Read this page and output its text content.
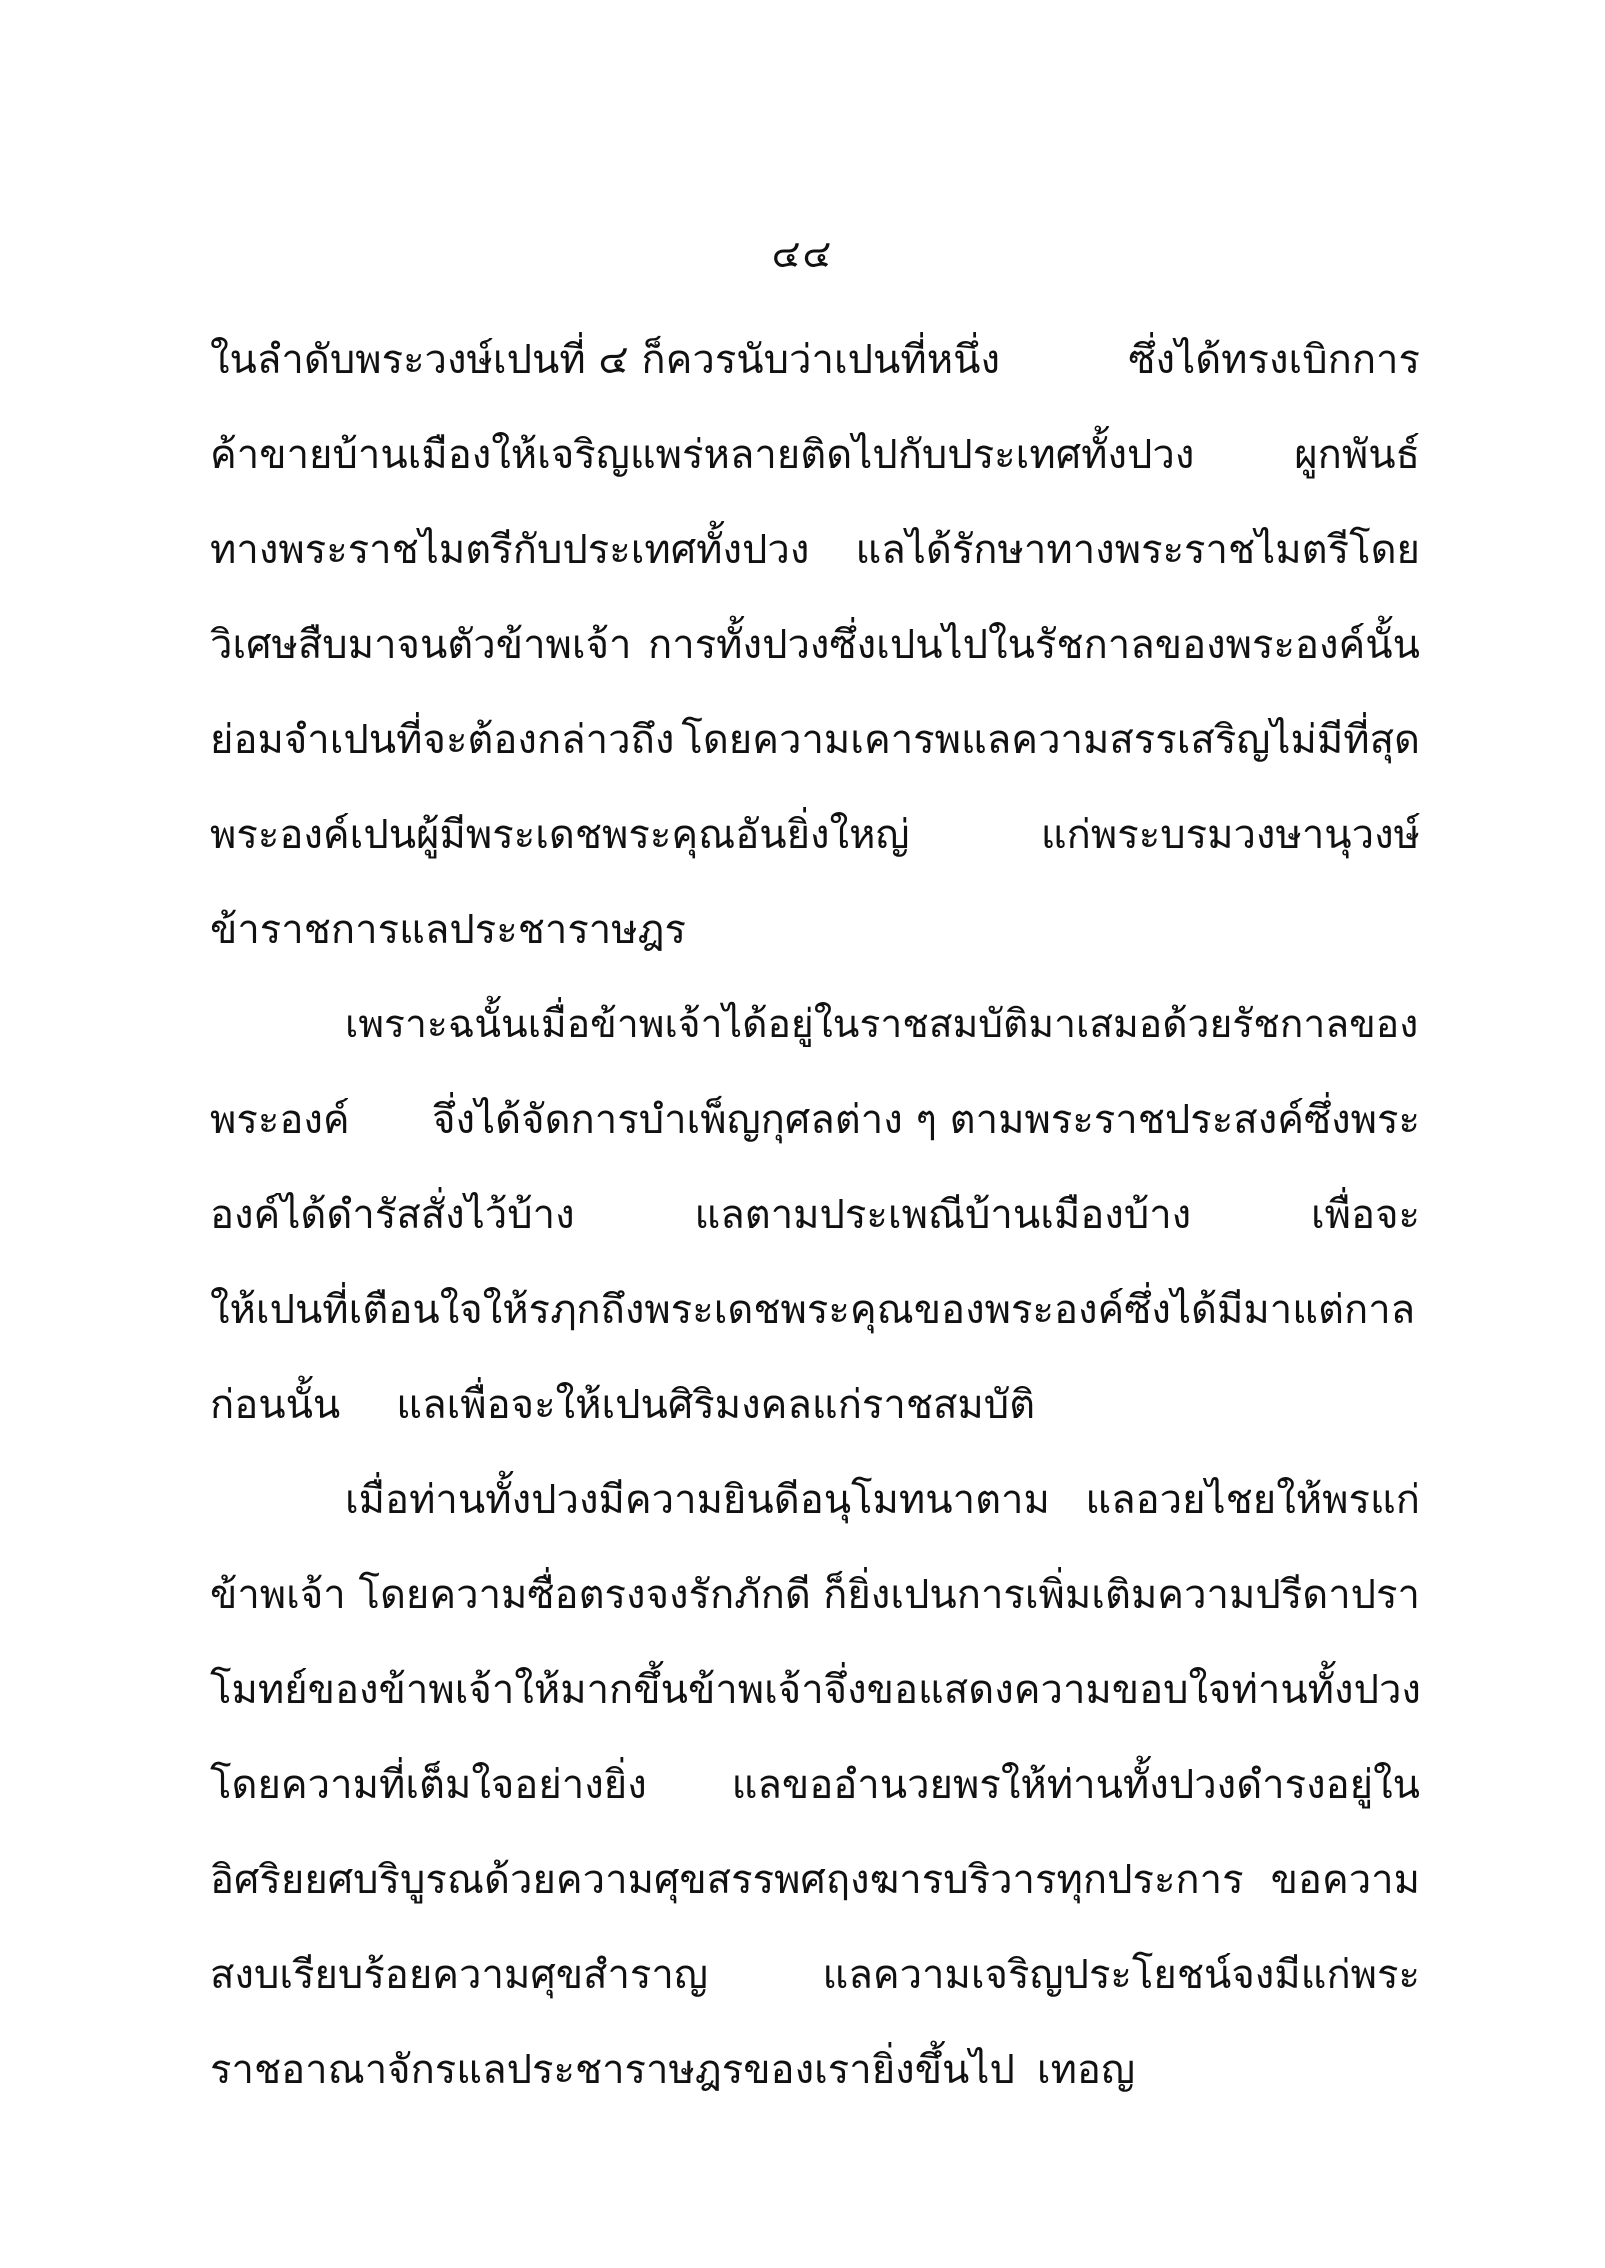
๔๔
ในลำดับพระวงษ์เปนที่ ๔ ก็ควรนับว่าเปนที่หนึ่ง	ซึ่งได้ทรงเบิกการ
ค้าขายบ้านเมืองให้เจริญแพร่หลายติดไปกับประเทศทั้งปวง ผูกพันธ์
ทางพระราชไมตรีกับประเทศทั้งปวง แลได้รักษาทางพระราชไมตรีโดย
วิเศษสืบมาจนตัวข้าพเจ้า การทั้งปวงซึ่งเปนไปในรัชกาลของพระองค์นั้น
ย่อมจำเปนที่จะต้องกล่าวถึง โดยความเคารพแลความสรรเสริญไม่มีที่สุด
พระองค์เปนผู้มีพระเดชพระคุณอันยิ่งใหญ่	แก่พระบรมวงษานุวงษ์
ข้าราชการแลประชาราษฎร
เพราะฉนั้นเมื่อข้าพเจ้าได้อยู่ในราชสมบัติมาเสมอด้วยรัชกาลของ
พระองค์ จึ่งได้จัดการบำเพ็ญกุศลต่าง ๆ ตามพระราชประสงค์ซึ่งพระ
องค์ได้ดำรัสสั่งไว้บ้าง	แลตามประเพณีบ้านเมืองบ้าง	เพื่อจะ
ให้เปนที่เตือนใจให้รฦกถึงพระเดชพระคุณของพระองค์ซึ่งได้มีมาแต่กาล
ก่อนนั้น แลเพื่อจะให้เปนศิริมงคลแก่ราชสมบัติ
เมื่อท่านทั้งปวงมีความยินดีอนุโมทนาตาม แลอวยไชยให้พรแก่
ข้าพเจ้า โดยความซื่อตรงจงรักภักดี ก็ยิ่งเปนการเพิ่มเติมความปรีดาปรา
โมทย์ของข้าพเจ้าให้มากขึ้น ข้าพเจ้าจึ่งขอแสดงความขอบใจท่านทั้งปวง
โดยความที่เต็มใจอย่างยิ่ง แลขออำนวยพรให้ท่านทั้งปวงดำรงอยู่ใน
อิศริยยศบริบูรณด้วยความศุขสรรพศฤงฆารบริวารทุกประการ ขอความ
สงบเรียบร้อยความศุขสำราญ	แลความเจริญประโยชน์จงมีแก่พระ
ราชอาณาจักรแลประชาราษฎรของเรายิ่งขึ้นไป เทอญ
